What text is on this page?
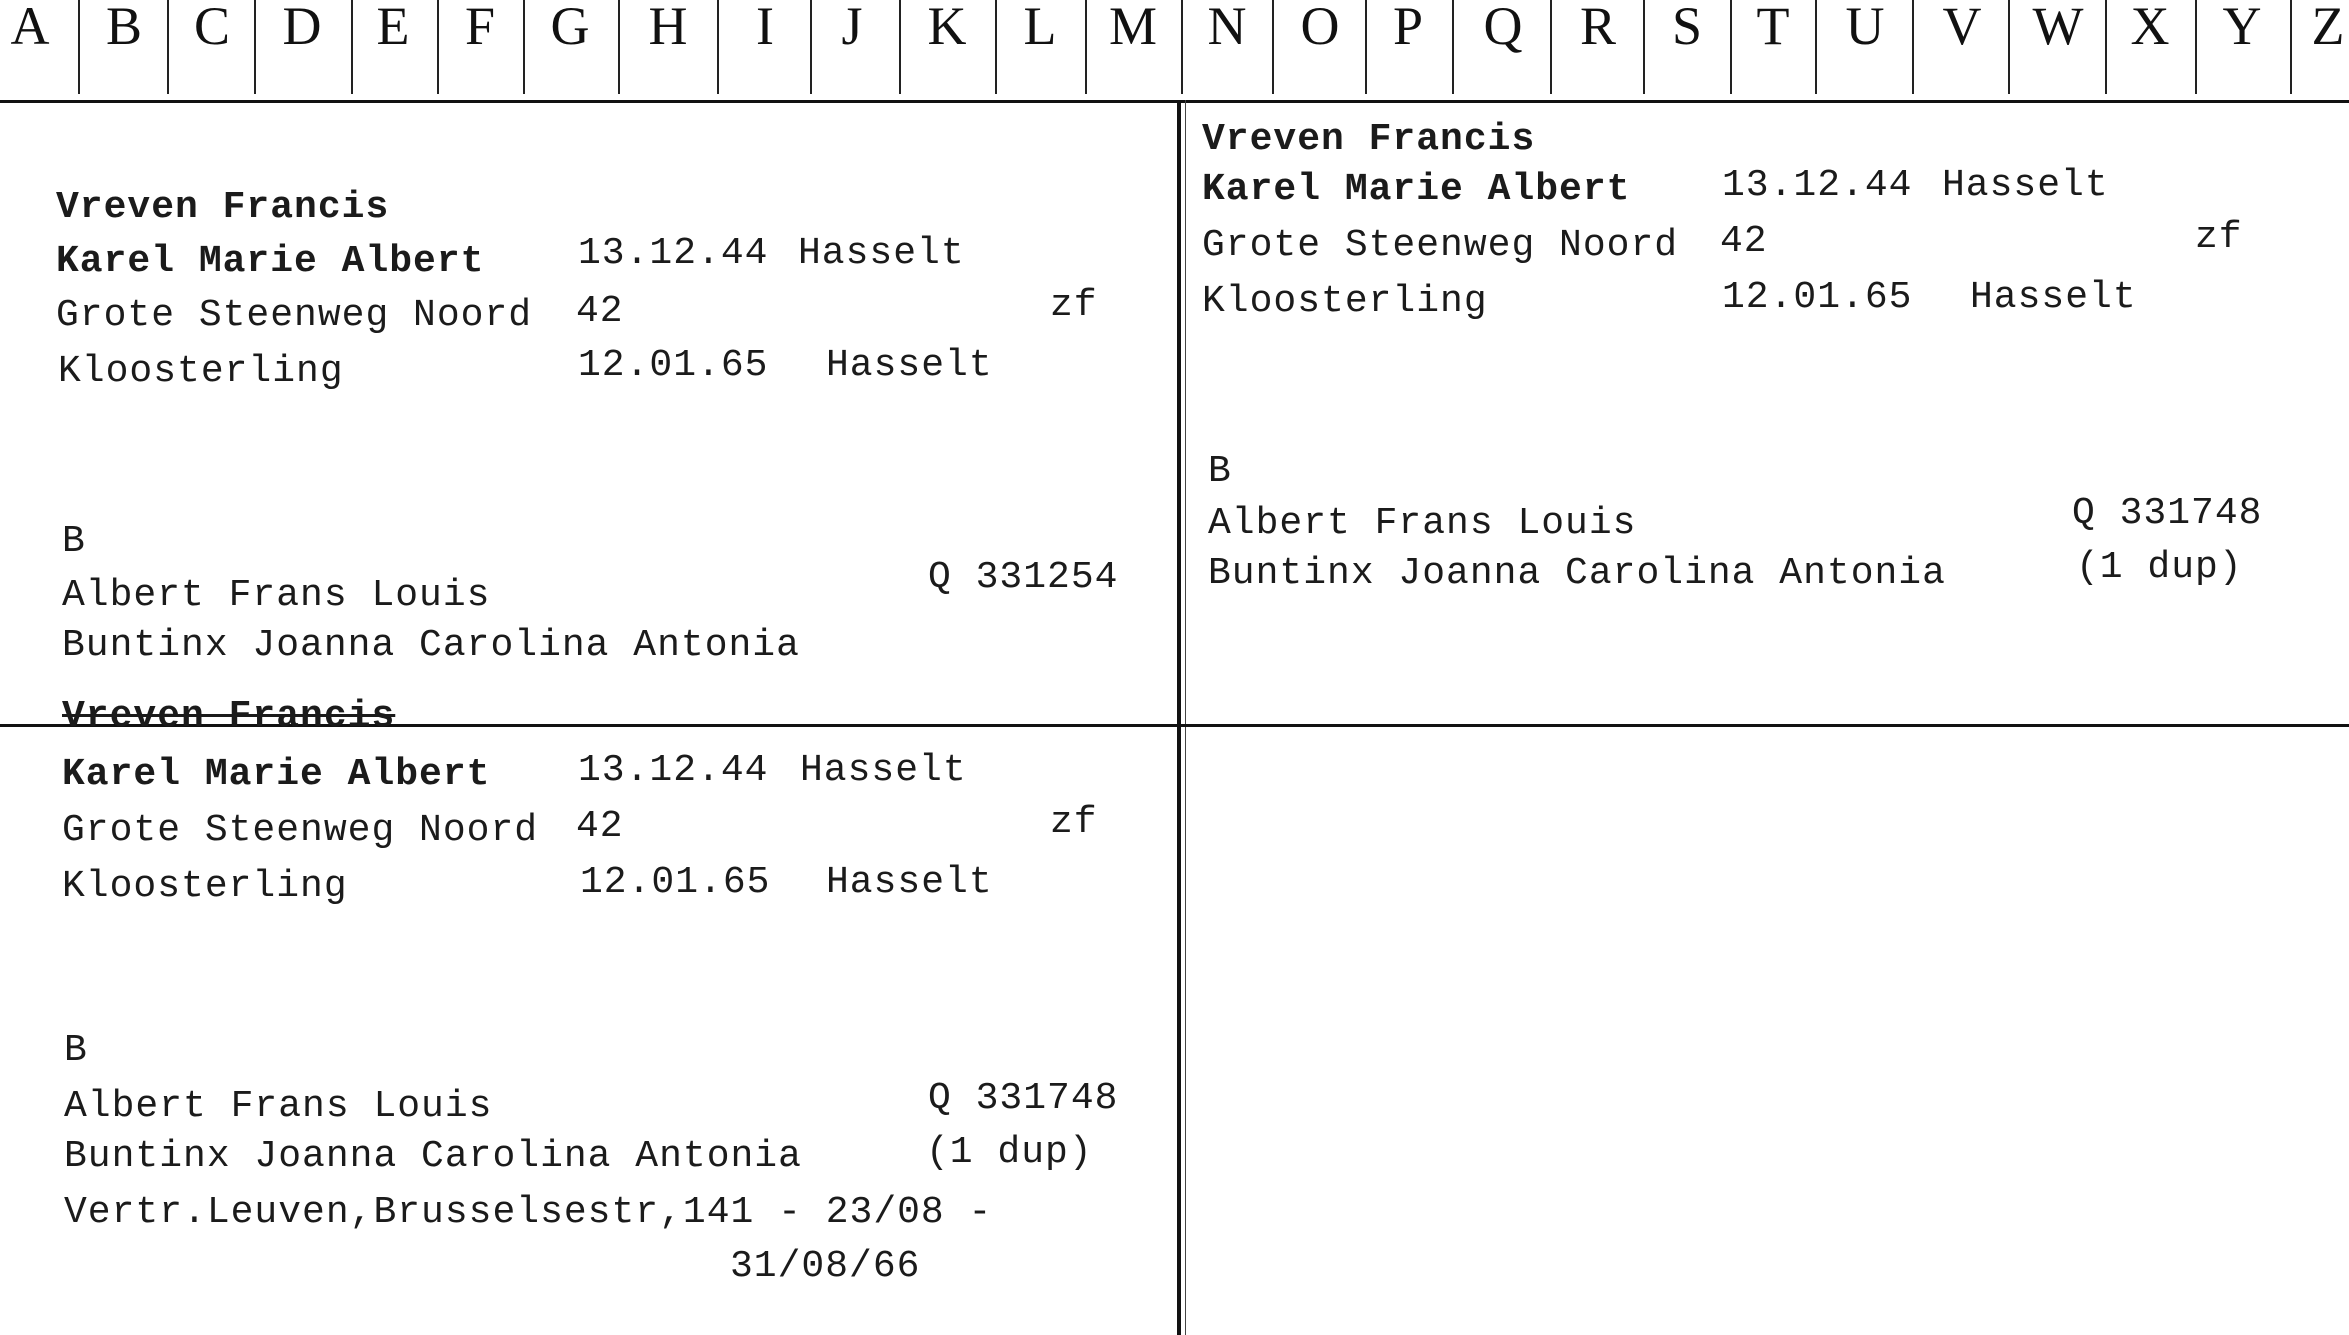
A B C D E F G H I J K L M N O P Q R S T U V W X Y Z
Vreven Francis
Karel Marie Albert 13.12.44 Hasselt
Grote Steenweg Noord 42	zf
Kloosterling	12.01.65 Hasselt
B
Albert Frans Louis	Q 331254
Buntinx Joanna Carolina Antonia
Vreven Francis
Karel Marie Albert 13.12.44 Hasselt
Grote Steenweg Noord 42	zf
Kloosterling	12.01.65 Hasselt
B
Albert Frans Louis	Q 331748
Buntinx Joanna Carolina Antonia	(1 dup)
Vreven Francis
Karel Marie Albert 13.12.44 Hasselt
Grote Steenweg Noord 42	zf
Kloosterling	12.01.65 Hasselt
B
Albert Frans Louis	Q 331748
Buntinx Joanna Carolina Antonia	(1 dup)
Vertr.Leuven,Brusselsestr,141 - 23/08 -
31/08/66
